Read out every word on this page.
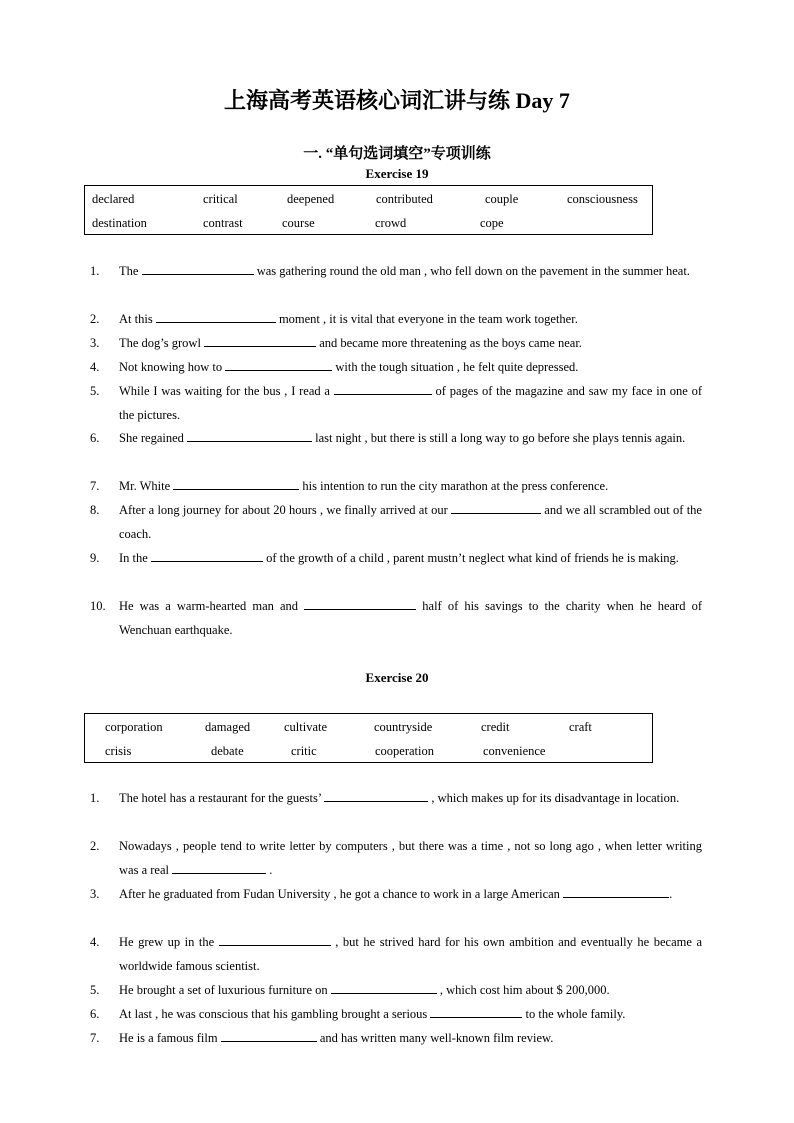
上海高考英语核心词汇讲与练 Day 7
一. “单句选词填空”专项训练
Exercise 19
declared	critical	deepened	contributed	couple	consciousness
destination	contrast	course	crowd	cope
1. The	was gathering round the old man , who fell down on the pavement in the summer heat.
2. At this	moment , it is vital that everyone in the team work together.
3. The dog’s growl	and became more threatening as the boys came near.
4. Not knowing how to	with the tough situation , he felt quite depressed.
5. While I was waiting for the bus , I read a	of pages of the magazine and saw my face in one of the pictures.
6. She regained	last night , but there is still a long way to go before she plays tennis again.
7. Mr. White	his intention to run the city marathon at the press conference.
8. After a long journey for about 20 hours , we finally arrived at our	and we all scrambled out of the coach.
9. In the	of the growth of a child , parent mustn’t neglect what kind of friends he is making.
10. He was a warm-hearted man and	half of his savings to the charity when he heard of Wenchuan earthquake.
Exercise 20
corporation	damaged	cultivate	countryside	credit	craft
crisis	debate	critic	cooperation	convenience
1. The hotel has a restaurant for the guests’	, which makes up for its disadvantage in location.
2. Nowadays , people tend to write letter by computers , but there was a time , not so long ago , when letter writing was a real	.
3. After he graduated from Fudan University , he got a chance to work in a large American	.
4. He grew up in the	, but he strived hard for his own ambition and eventually he became a worldwide famous scientist.
5. He brought a set of luxurious furniture on	, which cost him about $ 200,000.
6. At last , he was conscious that his gambling brought a serious	to the whole family.
7. He is a famous film	and has written many well-known film review.
